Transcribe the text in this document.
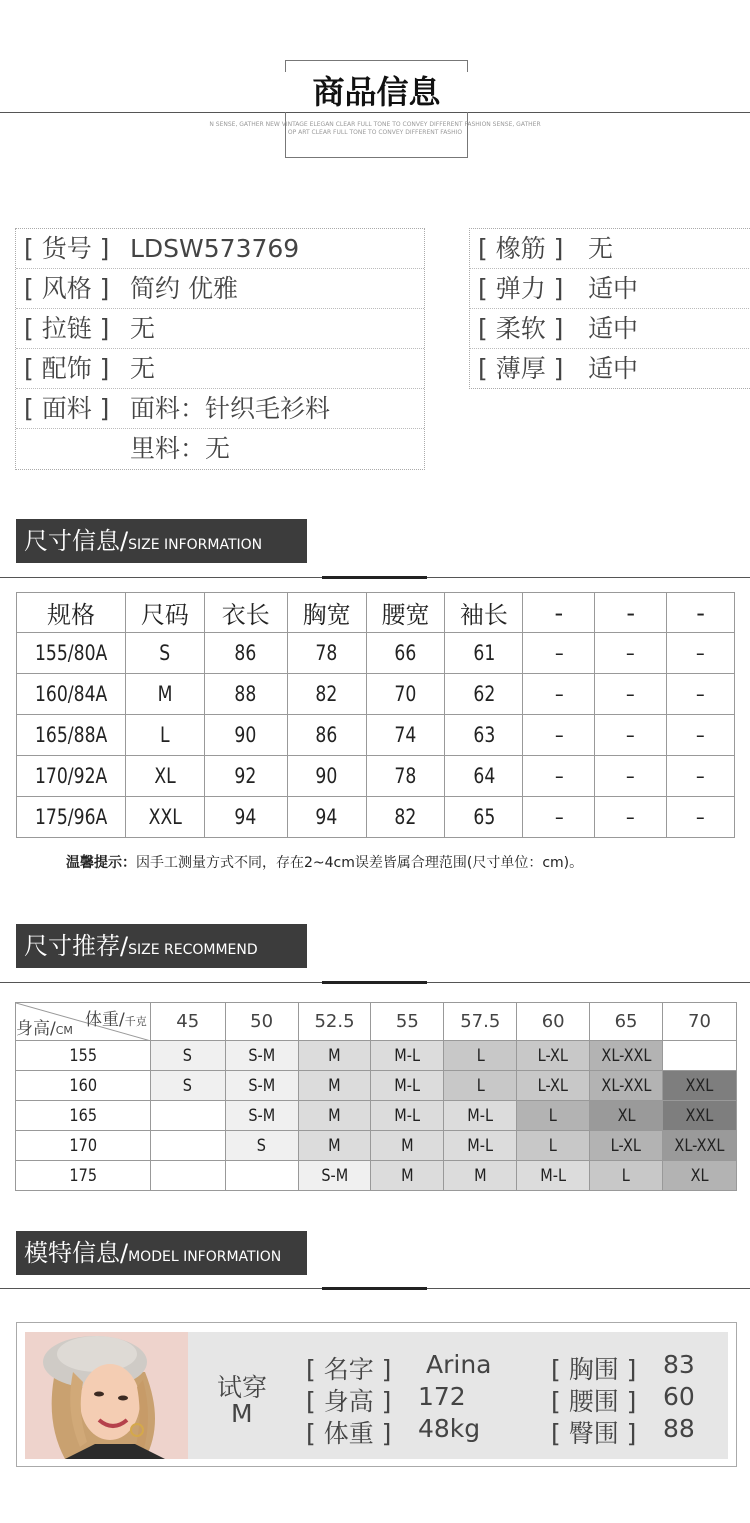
商品信息
N SENSE, GATHER NEW VINTAGE ELEGAN CLEAR FULL TONE TO CONVEY DIFFERENT FASHION SENSE, GATHER
OP ART CLEAR FULL TONE TO CONVEY DIFFERENT FASHIO
[ 货号 ] LDSW573769
[ 风格 ] 简约 优雅
[ 拉链 ] 无
[ 配饰 ] 无
[ 面料 ] 面料：针织毛衫料
里料：无
[ 橡筋 ] 无
[ 弹力 ] 适中
[ 柔软 ] 适中
[ 薄厚 ] 适中
尺寸信息/SIZE INFORMATION
规格	尺码	衣长	胸宽	腰宽	袖长	-	-	-
155/80A	S	86	78	66	61	–	–	–
160/84A	M	88	82	70	62	–	–	–
165/88A	L	90	86	74	63	–	–	–
170/92A	XL	92	90	78	64	–	–	–
175/96A	XXL	94	94	82	65	–	–	–
温馨提示：因手工测量方式不同，存在2~4cm误差皆属合理范围(尺寸单位：cm)。
尺寸推荐/SIZE RECOMMEND
体重/千克
身高/CM	45	50	52.5	55	57.5	60	65	70
155	S	S-M	M	M-L	L	L-XL	XL-XXL	
160	S	S-M	M	M-L	L	L-XL	XL-XXL	XXL
165		S-M	M	M-L	M-L	L	XL	XXL
170		S	M	M	M-L	L	L-XL	XL-XXL
175			S-M	M	M	M-L	L	XL
模特信息/MODEL INFORMATION
试穿
M
[ 名字 ] Arina
[ 身高 ] 172
[ 体重 ] 48kg
[ 胸围 ] 83
[ 腰围 ] 60
[ 臀围 ] 88
